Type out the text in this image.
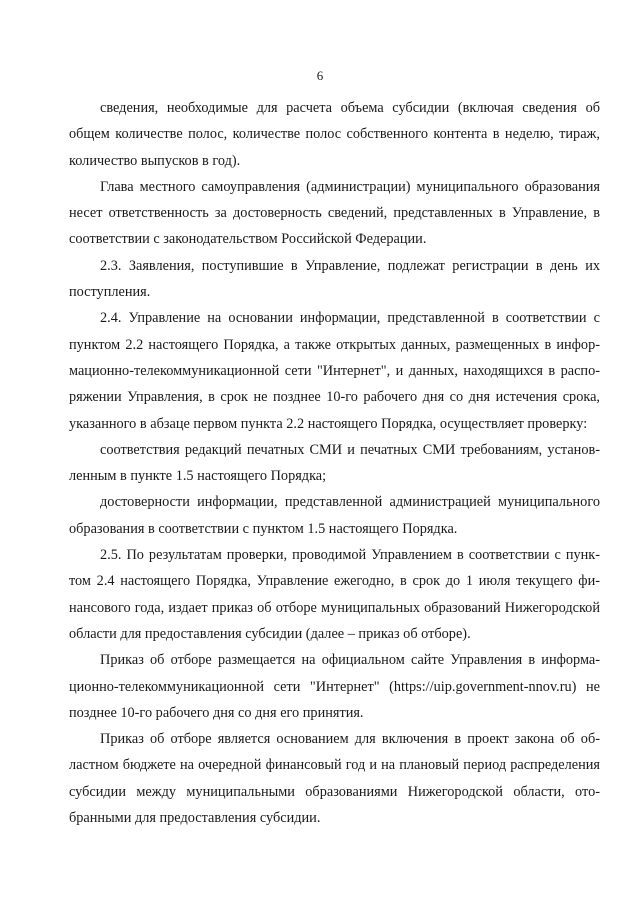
6

сведения, необходимые для расчета объема субсидии (включая сведения об общем количестве полос, количестве полос собственного контента в неделю, тираж, количество выпусков в год).

Глава местного самоуправления (администрации) муниципального образования несет ответственность за достоверность сведений, представленных в Управление, в соответствии с законодательством Российской Федерации.

2.3. Заявления, поступившие в Управление, подлежат регистрации в день их поступления.

2.4. Управление на основании информации, представленной в соответствии с пунктом 2.2 настоящего Порядка, а также открытых данных, размещенных в информационно-телекоммуникационной сети "Интернет", и данных, находящихся в распоряжении Управления, в срок не позднее 10-го рабочего дня со дня истечения срока, указанного в абзаце первом пункта 2.2 настоящего Порядка, осуществляет проверку:

соответствия редакций печатных СМИ и печатных СМИ требованиям, установленным в пункте 1.5 настоящего Порядка;

достоверности информации, представленной администрацией муниципального образования в соответствии с пунктом 1.5 настоящего Порядка.

2.5. По результатам проверки, проводимой Управлением в соответствии с пунктом 2.4 настоящего Порядка, Управление ежегодно, в срок до 1 июля текущего финансового года, издает приказ об отборе муниципальных образований Нижегородской области для предоставления субсидии (далее – приказ об отборе).

Приказ об отборе размещается на официальном сайте Управления в информационно-телекоммуникационной сети "Интернет" (https://uip.government-nnov.ru) не позднее 10-го рабочего дня со дня его принятия.

Приказ об отборе является основанием для включения в проект закона об областном бюджете на очередной финансовый год и на плановый период распределения субсидии между муниципальными образованиями Нижегородской области, отобранными для предоставления субсидии.
